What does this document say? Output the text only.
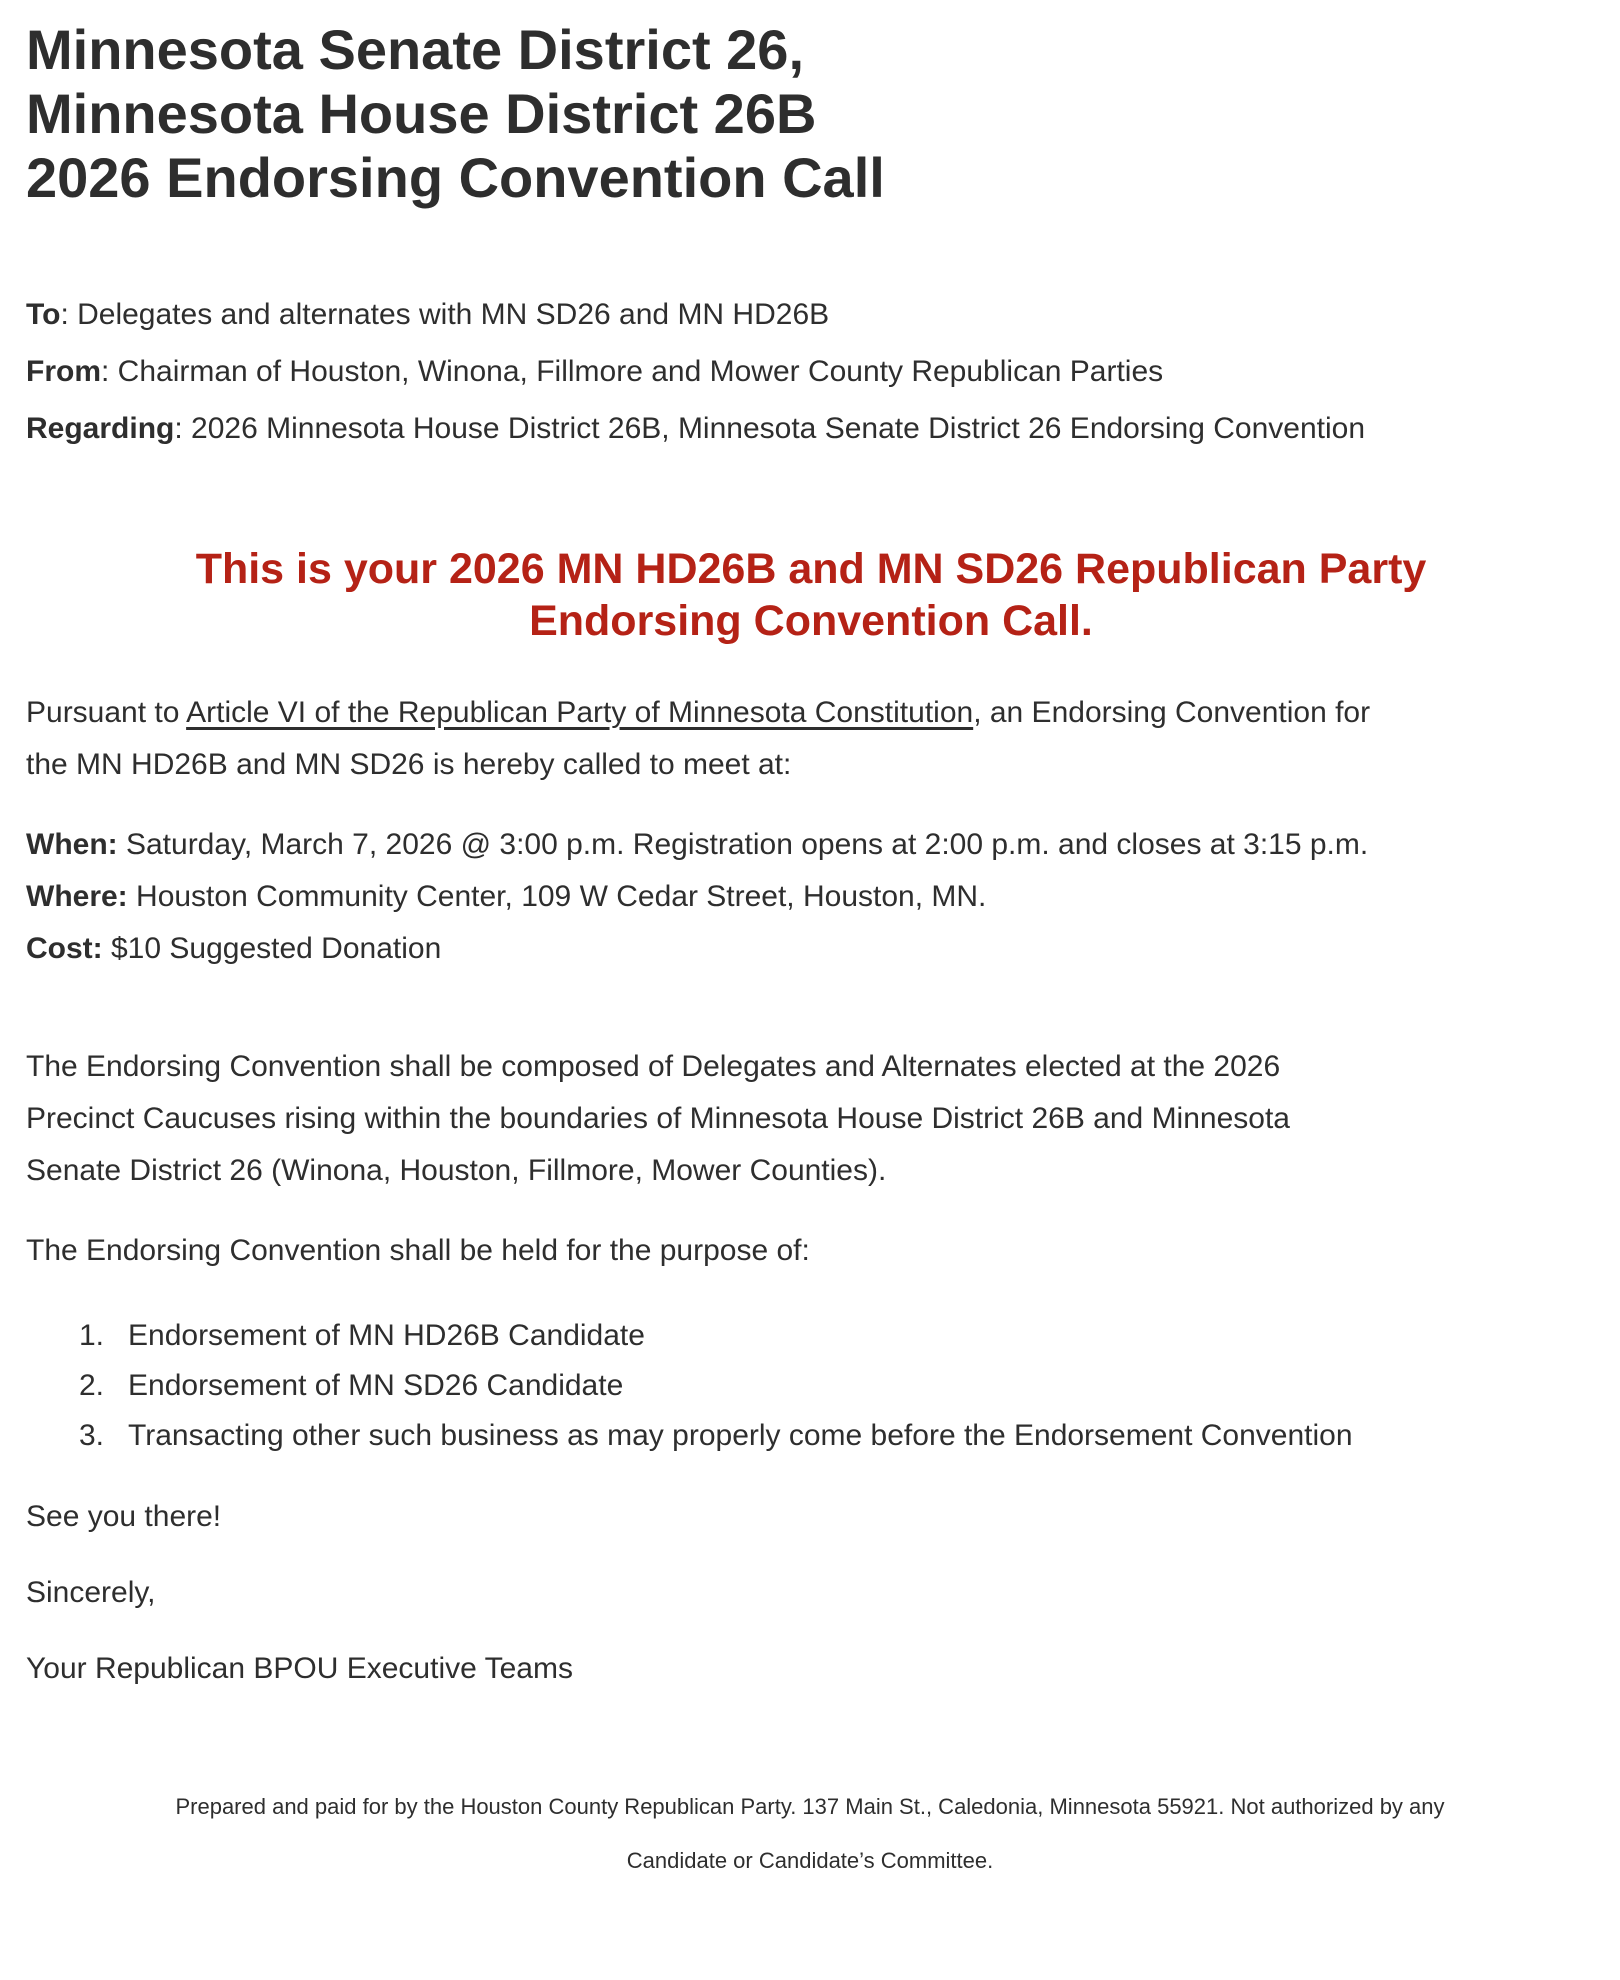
Minnesota Senate District 26,
Minnesota House District 26B
2026 Endorsing Convention Call
To: Delegates and alternates with MN SD26 and MN HD26B
From: Chairman of Houston, Winona, Fillmore and Mower County Republican Parties
Regarding: 2026 Minnesota House District 26B, Minnesota Senate District 26 Endorsing Convention
This is your 2026 MN HD26B and MN SD26 Republican Party
Endorsing Convention Call.

Pursuant to Article VI of the Republican Party of Minnesota Constitution, an Endorsing Convention for
the MN HD26B and MN SD26 is hereby called to meet at:

When: Saturday, March 7, 2026 @ 3:00 p.m. Registration opens at 2:00 p.m. and closes at 3:15 p.m.
Where: Houston Community Center, 109 W Cedar Street, Houston, MN.
Cost: $10 Suggested Donation

The Endorsing Convention shall be composed of Delegates and Alternates elected at the 2026
Precinct Caucuses rising within the boundaries of Minnesota House District 26B and Minnesota
Senate District 26 (Winona, Houston, Fillmore, Mower Counties).

The Endorsing Convention shall be held for the purpose of:

1. Endorsement of MN HD26B Candidate
2. Endorsement of MN SD26 Candidate
3. Transacting other such business as may properly come before the Endorsement Convention
See you there!
Sincerely,
Your Republican BPOU Executive Teams
Prepared and paid for by the Houston County Republican Party. 137 Main St., Caledonia, Minnesota 55921. Not authorized by any
Candidate or Candidate’s Committee.
